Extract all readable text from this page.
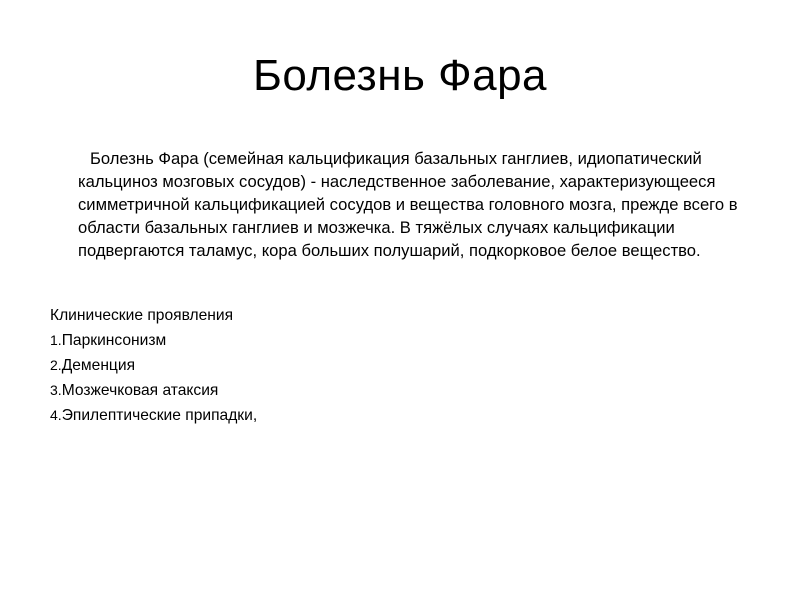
Болезнь Фара

Болезнь Фара (семейная кальцификация базальных ганглиев, идиопатический кальциноз мозговых сосудов) - наследственное заболевание, характеризующееся симметричной кальцификацией сосудов и вещества головного мозга, прежде всего в области базальных ганглиев и мозжечка. В тяжёлых случаях кальцификации подвергаются таламус, кора больших полушарий, подкорковое белое вещество.

Клинические проявления
1.Паркинсонизм
2.Деменция
3.Мозжечковая атаксия
4.Эпилептические припадки,
